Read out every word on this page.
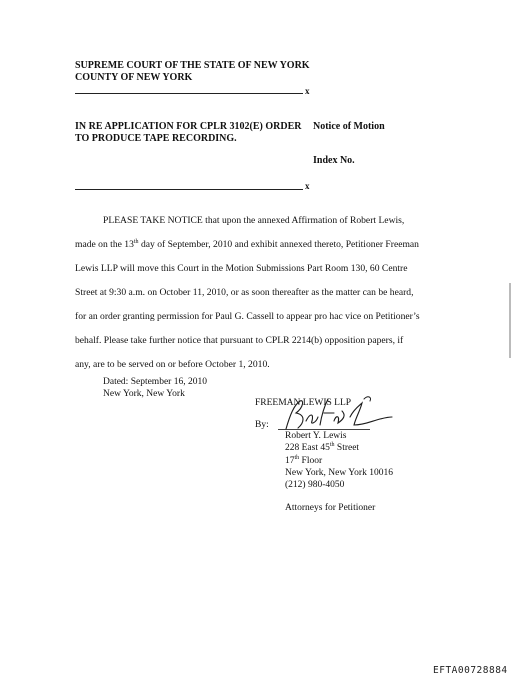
SUPREME COURT OF THE STATE OF NEW YORK
COUNTY OF NEW YORK
x
IN RE APPLICATION FOR CPLR 3102(E) ORDER
TO PRODUCE TAPE RECORDING.
Notice of Motion
Index No.
x
PLEASE TAKE NOTICE that upon the annexed Affirmation of Robert Lewis,
made on the 13th day of September, 2010 and exhibit annexed thereto, Petitioner Freeman
Lewis LLP will move this Court in the Motion Submissions Part Room 130, 60 Centre
Street at 9:30 a.m. on October 11, 2010, or as soon thereafter as the matter can be heard,
for an order granting permission for Paul G. Cassell to appear pro hac vice on Petitioner’s
behalf. Please take further notice that pursuant to CPLR 2214(b) opposition papers, if
any, are to be served on or before October 1, 2010.
Dated: September 16, 2010
New York, New York
FREEMAN LEWIS LLP
By:
Robert Y. Lewis
228 East 45th Street
17th Floor
New York, New York 10016
(212) 980-4050
Attorneys for Petitioner
EFTA00728884
